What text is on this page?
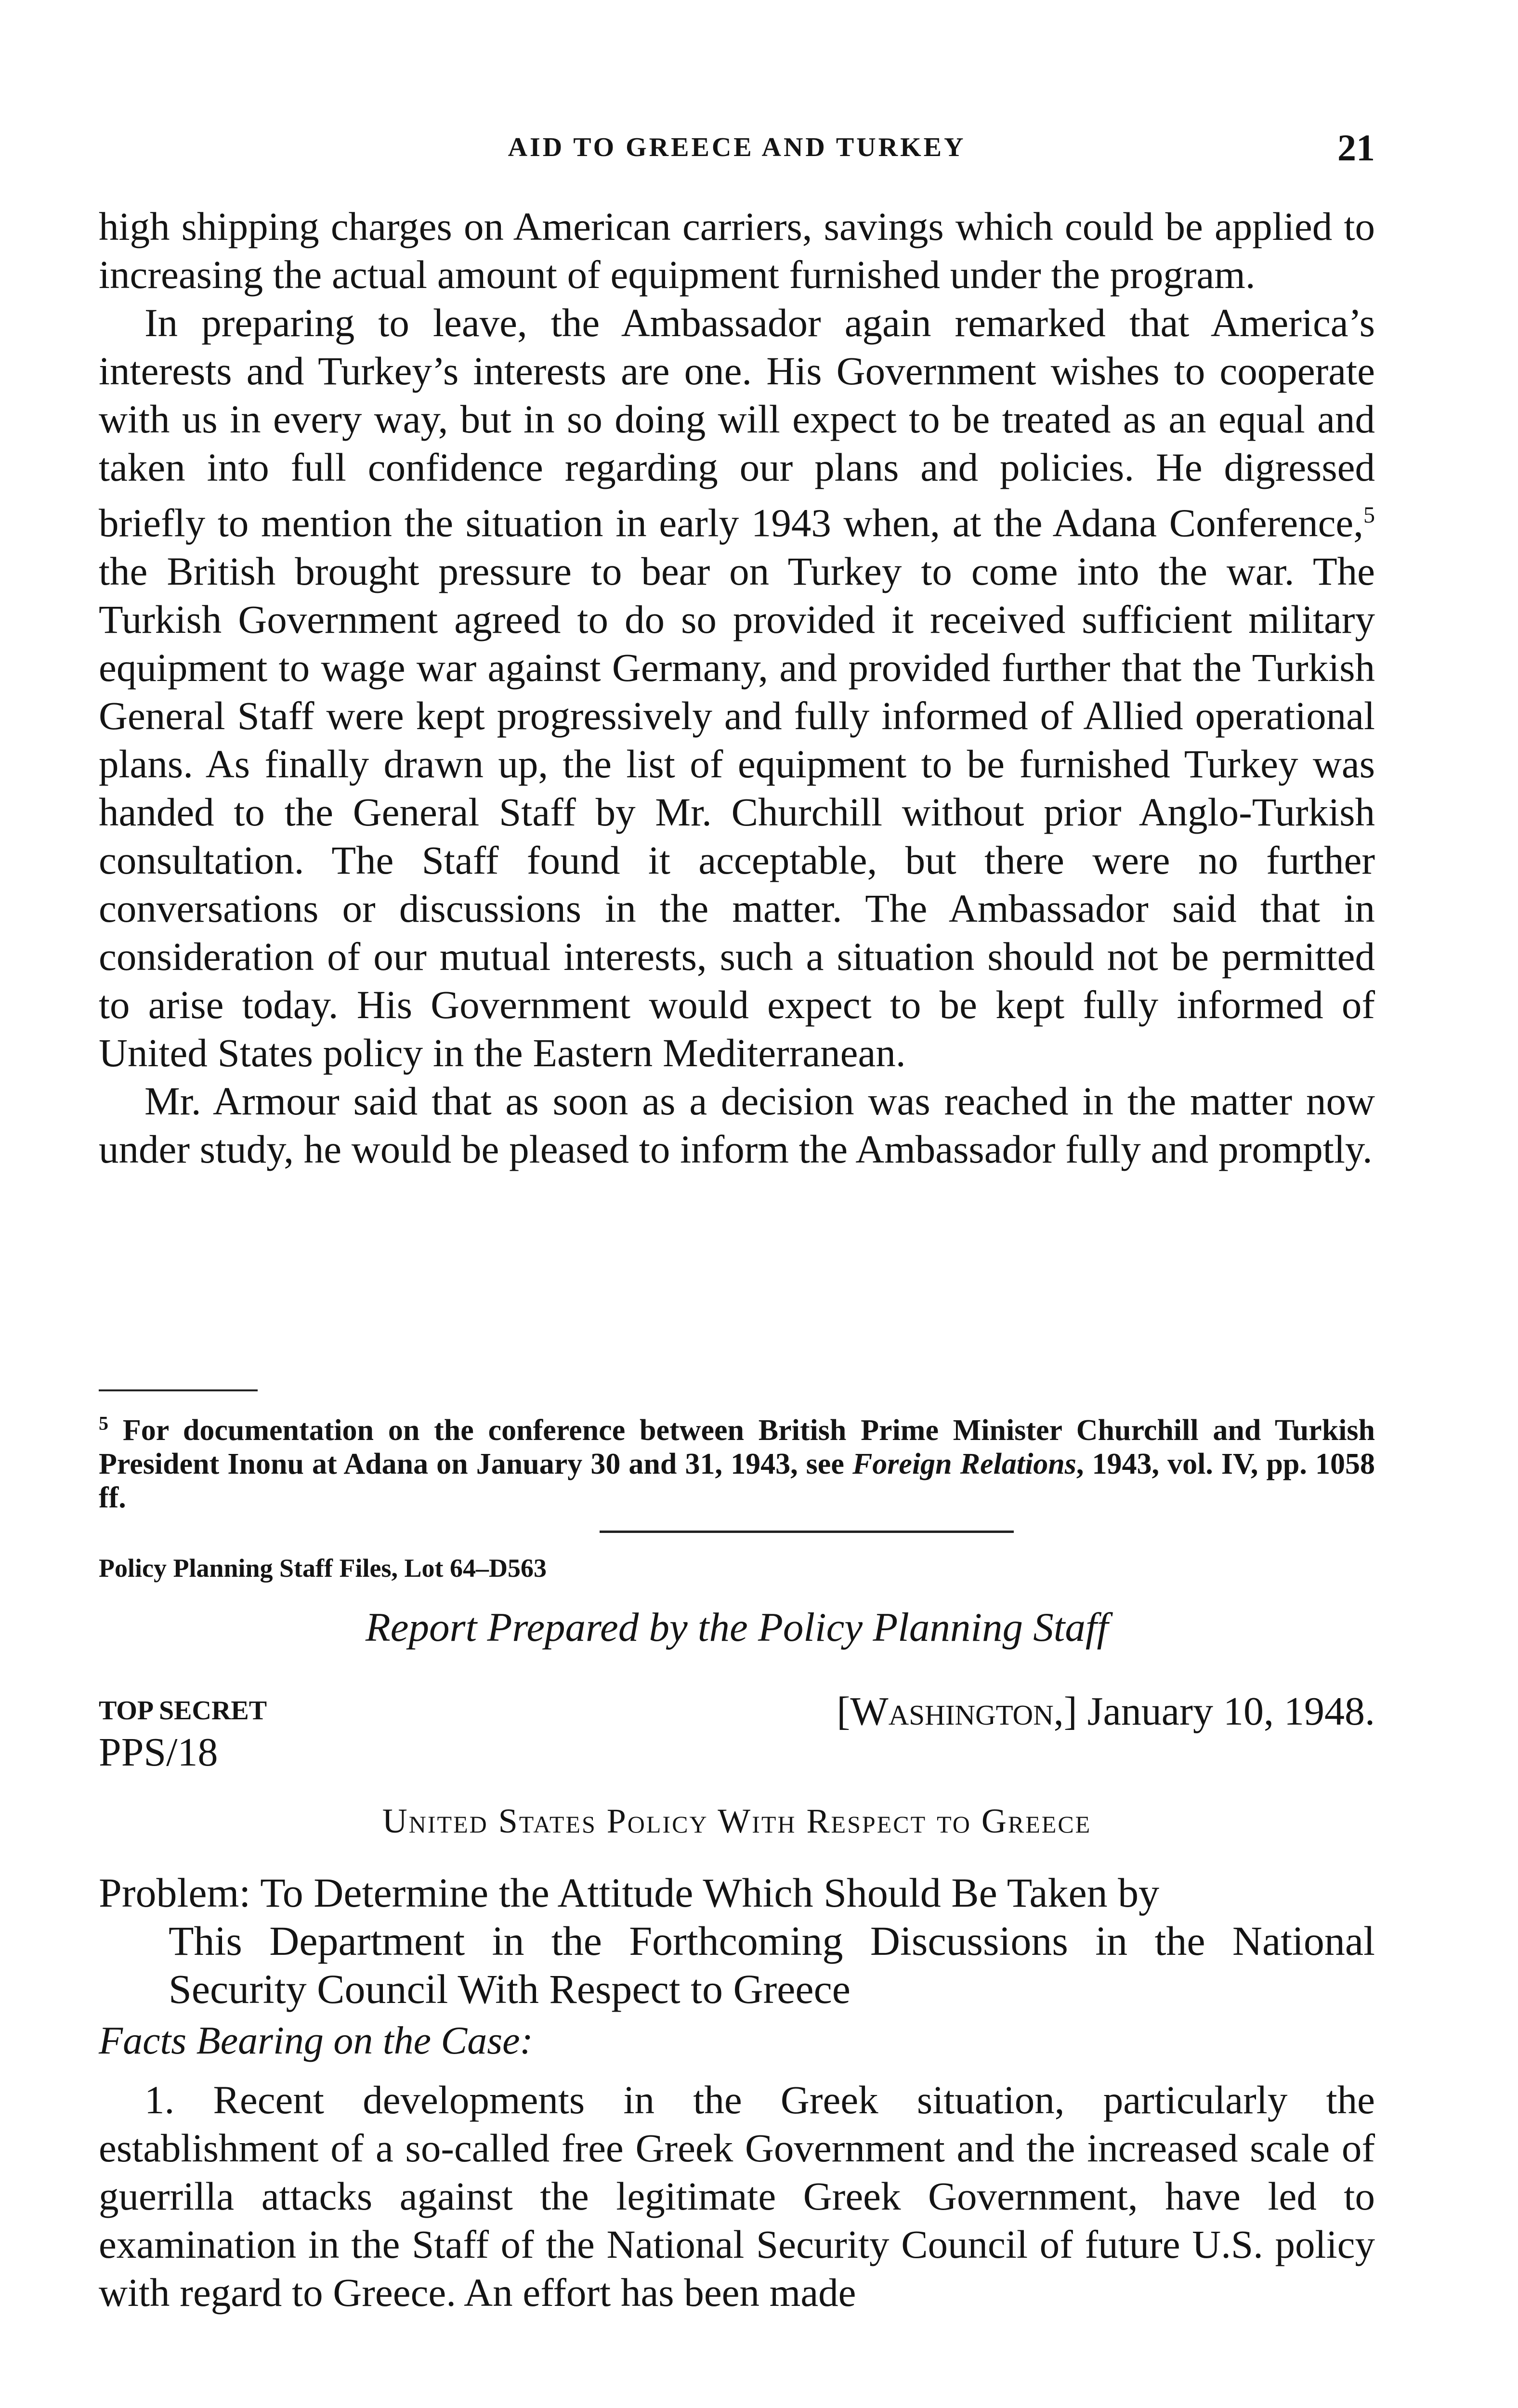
AID TO GREECE AND TURKEY	21

high shipping charges on American carriers, savings which could be applied to increasing the actual amount of equipment furnished under the program.

In preparing to leave, the Ambassador again remarked that America’s interests and Turkey’s interests are one. His Government wishes to cooperate with us in every way, but in so doing will expect to be treated as an equal and taken into full confidence regarding our plans and policies. He digressed briefly to mention the situation in early 1943 when, at the Adana Conference,$^5$ the British brought pressure to bear on Turkey to come into the war. The Turkish Government agreed to do so provided it received sufficient military equipment to wage war against Germany, and provided further that the Turkish General Staff were kept progressively and fully informed of Allied operational plans. As finally drawn up, the list of equipment to be furnished Turkey was handed to the General Staff by Mr. Churchill without prior Anglo-Turkish consultation. The Staff found it acceptable, but there were no further conversations or discussions in the matter. The Ambassador said that in consideration of our mutual interests, such a situation should not be permitted to arise today. His Government would expect to be kept fully informed of United States policy in the Eastern Mediterranean.

Mr. Armour said that as soon as a decision was reached in the matter now under study, he would be pleased to inform the Ambassador fully and promptly.

$^5$ For documentation on the conference between British Prime Minister Churchill and Turkish President Inonu at Adana on January 30 and 31, 1943, see Foreign Relations, 1943, vol. IV, pp. 1058 ff.

Policy Planning Staff Files, Lot 64–D563
Report Prepared by the Policy Planning Staff
TOP SECRET	[Washington,] January 10, 1948.
PPS/18
United States Policy With Respect to Greece

Problem: To Determine the Attitude Which Should Be Taken by

This Department in the Forthcoming Discussions in the National Security Council With Respect to Greece

Facts Bearing on the Case:

1. Recent developments in the Greek situation, particularly the establishment of a so-called free Greek Government and the increased scale of guerrilla attacks against the legitimate Greek Government, have led to examination in the Staff of the National Security Council of future U.S. policy with regard to Greece. An effort has been made
